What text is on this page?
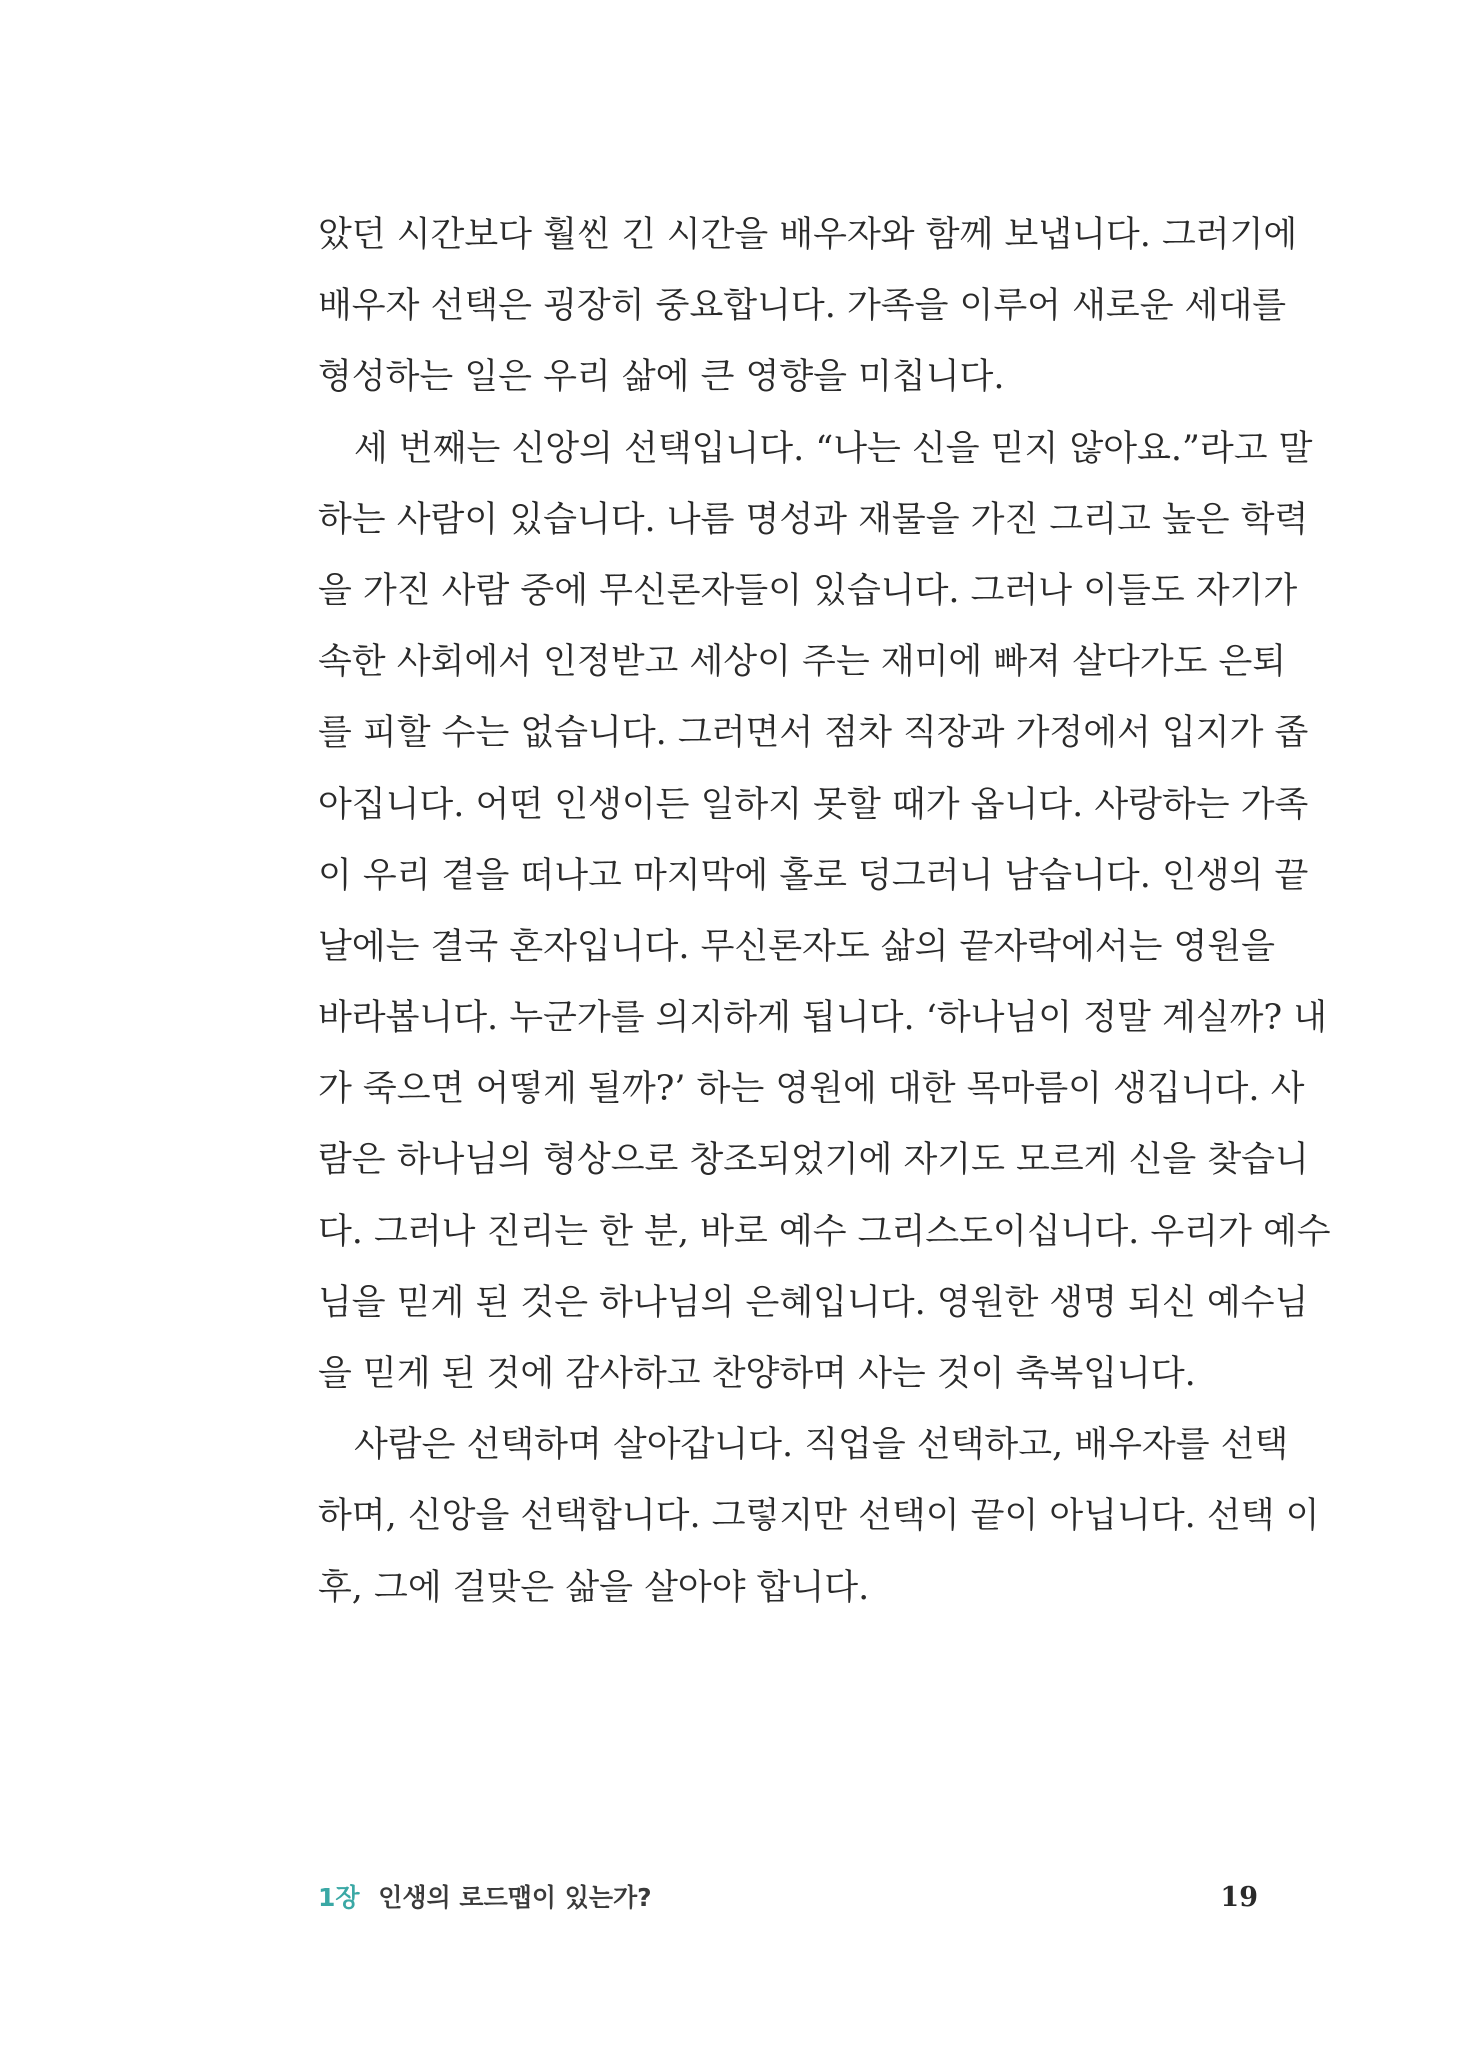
았던 시간보다 훨씬 긴 시간을 배우자와 함께 보냅니다. 그러기에
배우자 선택은 굉장히 중요합니다. 가족을 이루어 새로운 세대를
형성하는 일은 우리 삶에 큰 영향을 미칩니다.
세 번째는 신앙의 선택입니다. “나는 신을 믿지 않아요.”라고 말
하는 사람이 있습니다. 나름 명성과 재물을 가진 그리고 높은 학력
을 가진 사람 중에 무신론자들이 있습니다. 그러나 이들도 자기가
속한 사회에서 인정받고 세상이 주는 재미에 빠져 살다가도 은퇴
를 피할 수는 없습니다. 그러면서 점차 직장과 가정에서 입지가 좁
아집니다. 어떤 인생이든 일하지 못할 때가 옵니다. 사랑하는 가족
이 우리 곁을 떠나고 마지막에 홀로 덩그러니 남습니다. 인생의 끝
날에는 결국 혼자입니다. 무신론자도 삶의 끝자락에서는 영원을
바라봅니다. 누군가를 의지하게 됩니다. ‘하나님이 정말 계실까? 내
가 죽으면 어떻게 될까?’ 하는 영원에 대한 목마름이 생깁니다. 사
람은 하나님의 형상으로 창조되었기에 자기도 모르게 신을 찾습니
다. 그러나 진리는 한 분, 바로 예수 그리스도이십니다. 우리가 예수
님을 믿게 된 것은 하나님의 은혜입니다. 영원한 생명 되신 예수님
을 믿게 된 것에 감사하고 찬양하며 사는 것이 축복입니다.
사람은 선택하며 살아갑니다. 직업을 선택하고, 배우자를 선택
하며, 신앙을 선택합니다. 그렇지만 선택이 끝이 아닙니다. 선택 이
후, 그에 걸맞은 삶을 살아야 합니다.
1장 인생의 로드맵이 있는가?	19
